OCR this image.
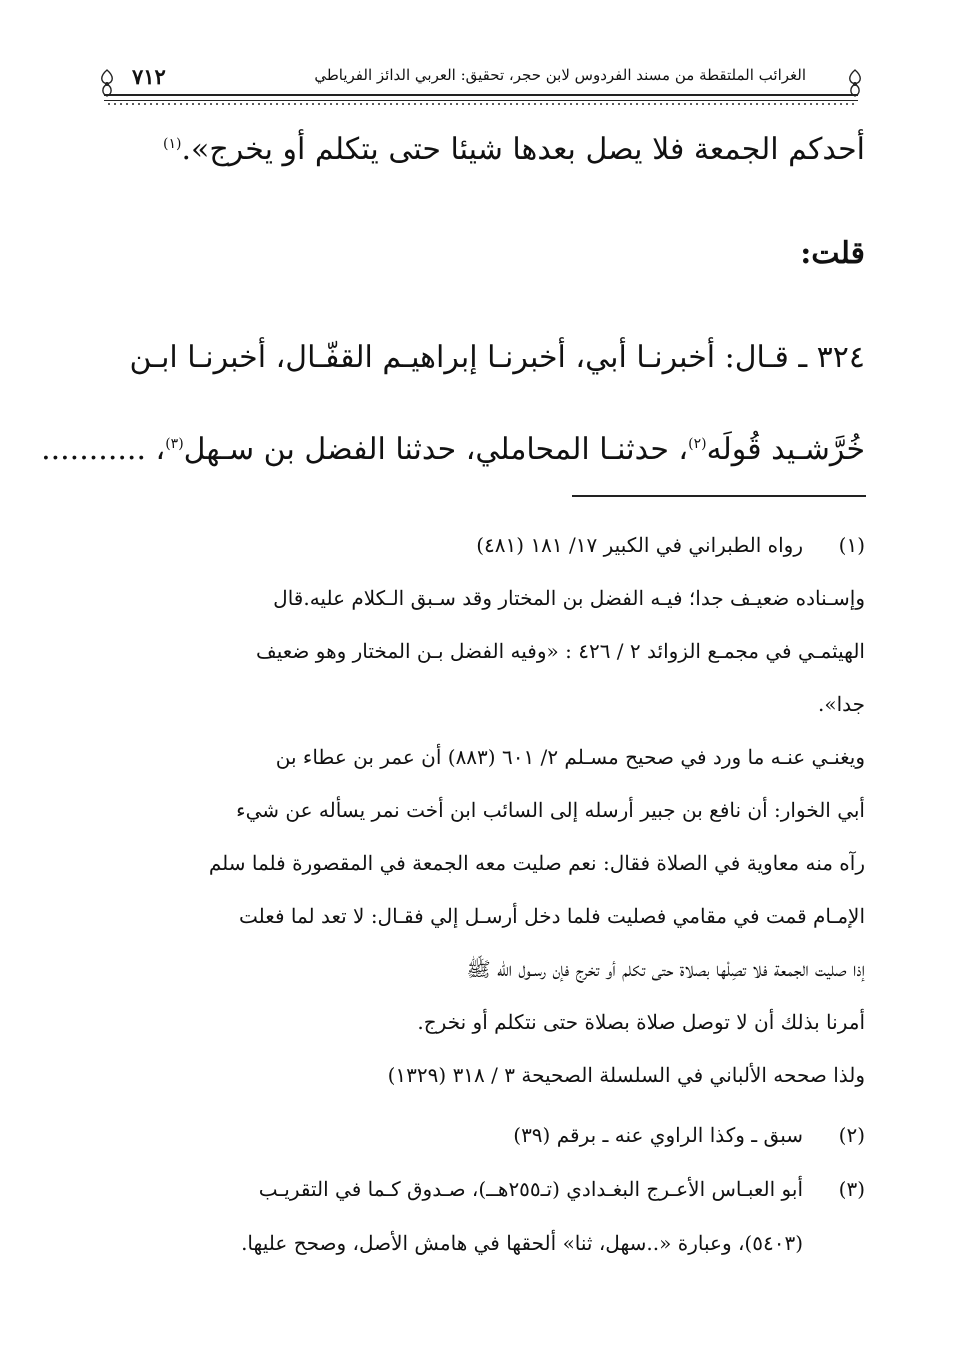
الغرائب الملتقطة من مسند الفردوس لابن حجر، تحقيق: العربي الدائز الفرياطي
٧١٢
أحدكم الجمعة فلا يصل بعدها شيئا حتى يتكلم أو يخرج».$^{(١)}$
قلت:
٣٢٤ ـ قـال: أخبرنـا أبي، أخبرنـا إبراهيـم القفّـال، أخبرنـا ابـن
خُرَّشـيد قُولَه$^{(٢)}$، حدثنـا المحاملي، حدثنا الفضل بن سـهل$^{(٣)}$، ...........
(١)
رواه الطبراني في الكبير ١٧/ ١٨١ (٤٨١)
وإسـناده ضعيـف جدا؛ فيـه الفضل بن المختار وقد سـبق الـكلام عليه.قال
الهيثمـي في مجمـع الزوائد ٢ / ٤٢٦ : «وفيه الفضل بـن المختار وهو ضعيف
جدا».
ويغنـي عنـه ما ورد في صحيح مسـلم ٢/ ٦٠١ (٨٨٣) أن عمر بن عطاء بن
أبي الخوار: أن نافع بن جبير أرسله إلى السائب ابن أخت نمر يسأله عن شيء
رآه منه معاوية في الصلاة فقال: نعم صليت معه الجمعة في المقصورة فلما سلم
الإمـام قمت في مقامي فصليت فلما دخل أرسـل إلي فقـال: لا تعد لما فعلت
إذا صليت الجمعة فلا تصِلْها بصلاة حتى تكلم أو تخرج فإن رسـول الله ﷺ
أمرنا بذلك أن لا توصل صلاة بصلاة حتى نتكلم أو نخرج.
ولذا صححه الألباني في السلسلة الصحيحة ٣ / ٣١٨ (١٣٢٩)
(٢)
سبق ـ وكذا الراوي عنه ـ برقم (٣٩)
(٣)
أبو العبـاس الأعـرج البغـدادي (تـ٢٥٥هــ)، صـدوق كـما في التقريـب
(٥٤٠٣)، وعبارة «..سهل، ثنا» ألحقها في هامش الأصل، وصحح عليها.
